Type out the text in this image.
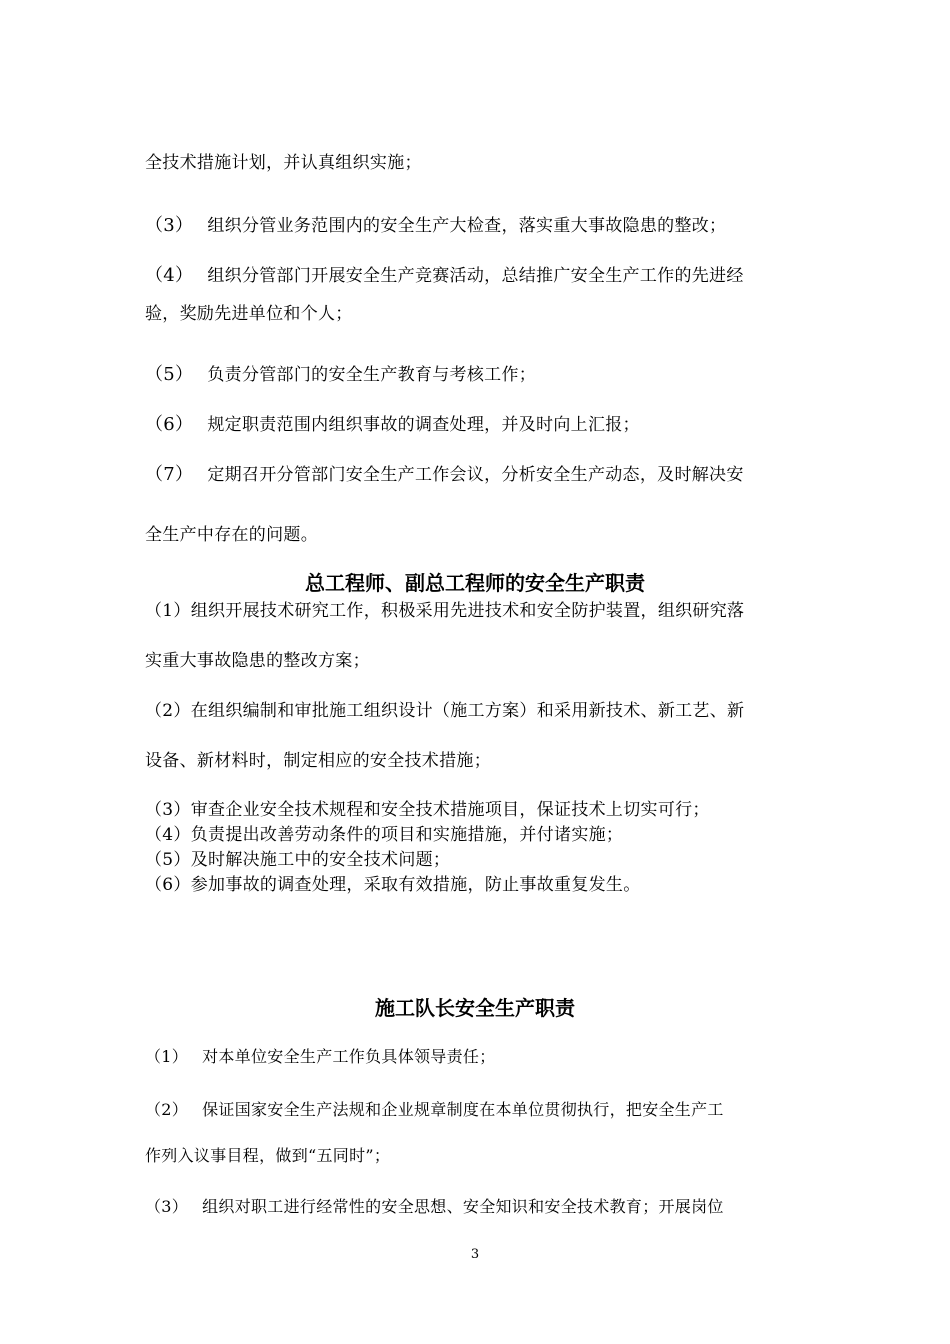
全技术措施计划，并认真组织实施；
（3） 组织分管业务范围内的安全生产大检查，落实重大事故隐患的整改；
（4） 组织分管部门开展安全生产竞赛活动，总结推广安全生产工作的先进经
验，奖励先进单位和个人；
（5） 负责分管部门的安全生产教育与考核工作；
（6） 规定职责范围内组织事故的调查处理，并及时向上汇报；
（7） 定期召开分管部门安全生产工作会议，分析安全生产动态，及时解决安
全生产中存在的问题。
总工程师、副总工程师的安全生产职责
（1）组织开展技术研究工作，积极采用先进技术和安全防护装置，组织研究落
实重大事故隐患的整改方案；
（2）在组织编制和审批施工组织设计（施工方案）和采用新技术、新工艺、新
设备、新材料时，制定相应的安全技术措施；
（3）审查企业安全技术规程和安全技术措施项目，保证技术上切实可行；
（4）负责提出改善劳动条件的项目和实施措施，并付诸实施；
（5）及时解决施工中的安全技术问题；
（6）参加事故的调查处理，采取有效措施，防止事故重复发生。
施工队长安全生产职责
（1） 对本单位安全生产工作负具体领导责任；
（2） 保证国家安全生产法规和企业规章制度在本单位贯彻执行，把安全生产工
作列入议事目程，做到“五同时”；
（3） 组织对职工进行经常性的安全思想、安全知识和安全技术教育；开展岗位
3
